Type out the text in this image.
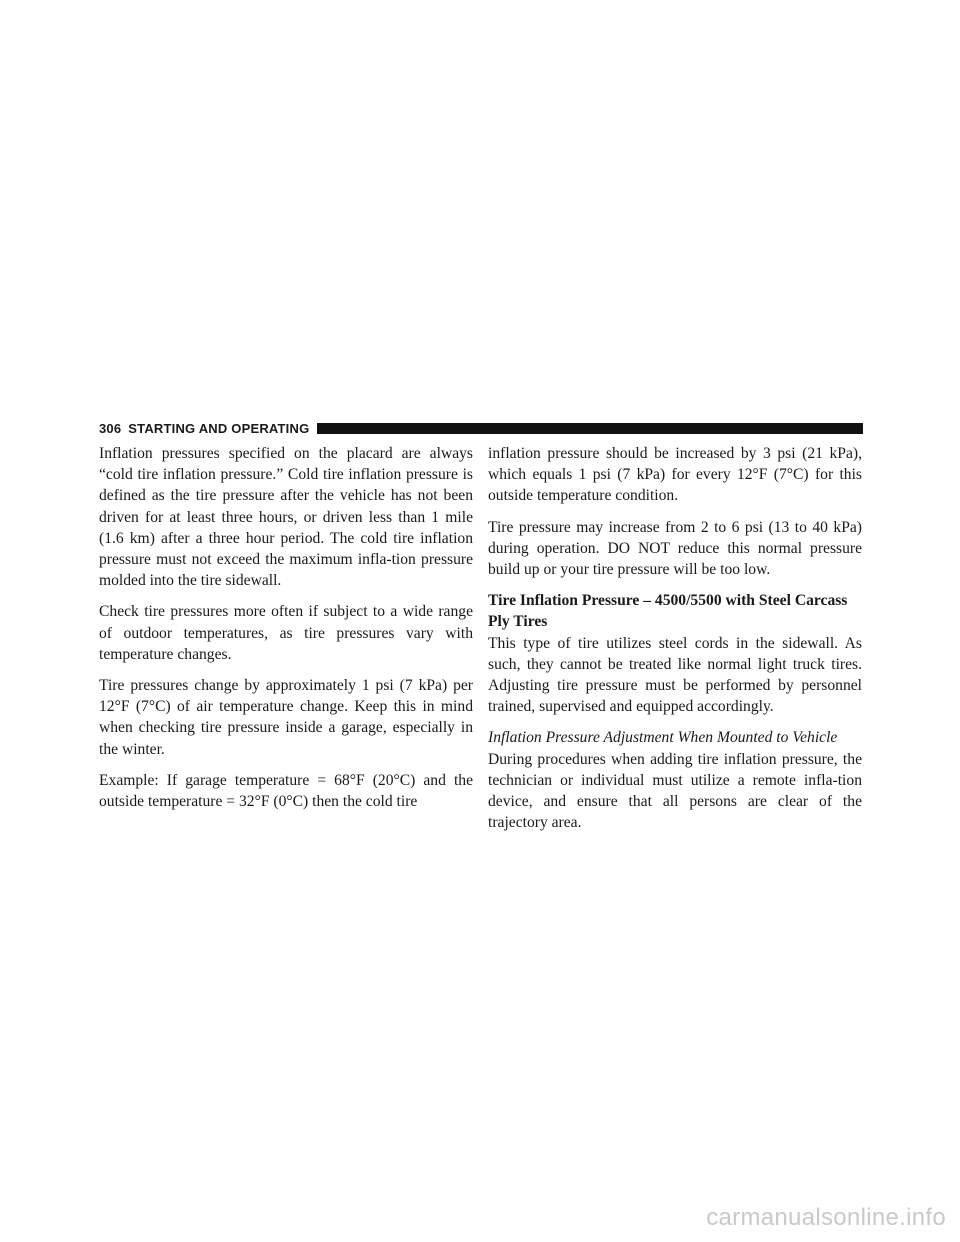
306 STARTING AND OPERATING

Inflation pressures specified on the placard are always “cold tire inflation pressure.” Cold tire inflation pressure is defined as the tire pressure after the vehicle has not been driven for at least three hours, or driven less than 1 mile (1.6 km) after a three hour period. The cold tire inflation pressure must not exceed the maximum infla-tion pressure molded into the tire sidewall.

Check tire pressures more often if subject to a wide range of outdoor temperatures, as tire pressures vary with temperature changes.

Tire pressures change by approximately 1 psi (7 kPa) per 12°F (7°C) of air temperature change. Keep this in mind when checking tire pressure inside a garage, especially in the winter.

Example: If garage temperature = 68°F (20°C) and the outside temperature = 32°F (0°C) then the cold tire

inflation pressure should be increased by 3 psi (21 kPa), which equals 1 psi (7 kPa) for every 12°F (7°C) for this outside temperature condition.

Tire pressure may increase from 2 to 6 psi (13 to 40 kPa) during operation. DO NOT reduce this normal pressure build up or your tire pressure will be too low.

Tire Inflation Pressure – 4500/5500 with Steel Carcass Ply Tires

This type of tire utilizes steel cords in the sidewall. As such, they cannot be treated like normal light truck tires. Adjusting tire pressure must be performed by personnel trained, supervised and equipped accordingly.

Inflation Pressure Adjustment When Mounted to Vehicle

During procedures when adding tire inflation pressure, the technician or individual must utilize a remote infla-tion device, and ensure that all persons are clear of the trajectory area.

carmanualsonline.info
